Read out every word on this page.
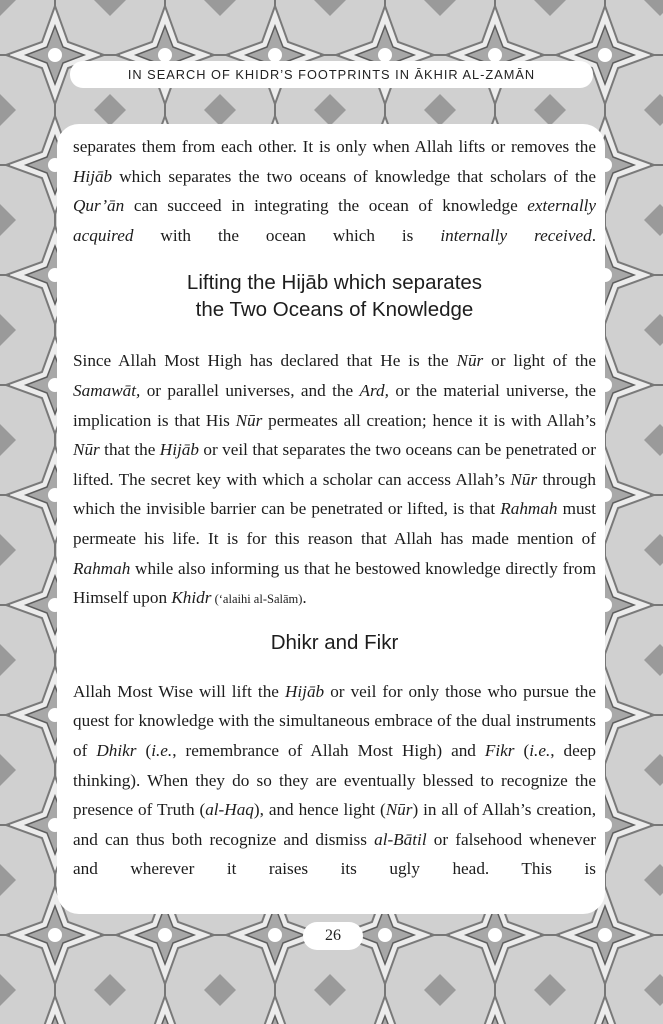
IN SEARCH OF KHIDR’S FOOTPRINTS IN ĀKHIR AL-ZAMĀN

separates them from each other. It is only when Allah lifts or removes the Hijāb which separates the two oceans of knowledge that scholars of the Qur’ān can succeed in integrating the ocean of knowledge externally acquired with the ocean which is internally received.

Lifting the Hijāb which separates
the Two Oceans of Knowledge

Since Allah Most High has declared that He is the Nūr or light of the Samawāt, or parallel universes, and the Ard, or the material universe, the implication is that His Nūr permeates all creation; hence it is with Allah’s Nūr that the Hijāb or veil that separates the two oceans can be penetrated or lifted. The secret key with which a scholar can access Allah’s Nūr through which the invisible barrier can be penetrated or lifted, is that Rahmah must permeate his life. It is for this reason that Allah has made mention of Rahmah while also informing us that he bestowed knowledge directly from Himself upon Khidr (‘alaihi al-Salām).

Dhikr and Fikr

Allah Most Wise will lift the Hijāb or veil for only those who pursue the quest for knowledge with the simultaneous embrace of the dual instruments of Dhikr (i.e., remembrance of Allah Most High) and Fikr (i.e., deep thinking). When they do so they are eventually blessed to recognize the presence of Truth (al-Haq), and hence light (Nūr) in all of Allah’s creation, and can thus both recognize and dismiss al-Bātil or falsehood whenever and wherever it raises its ugly head. This is

26
